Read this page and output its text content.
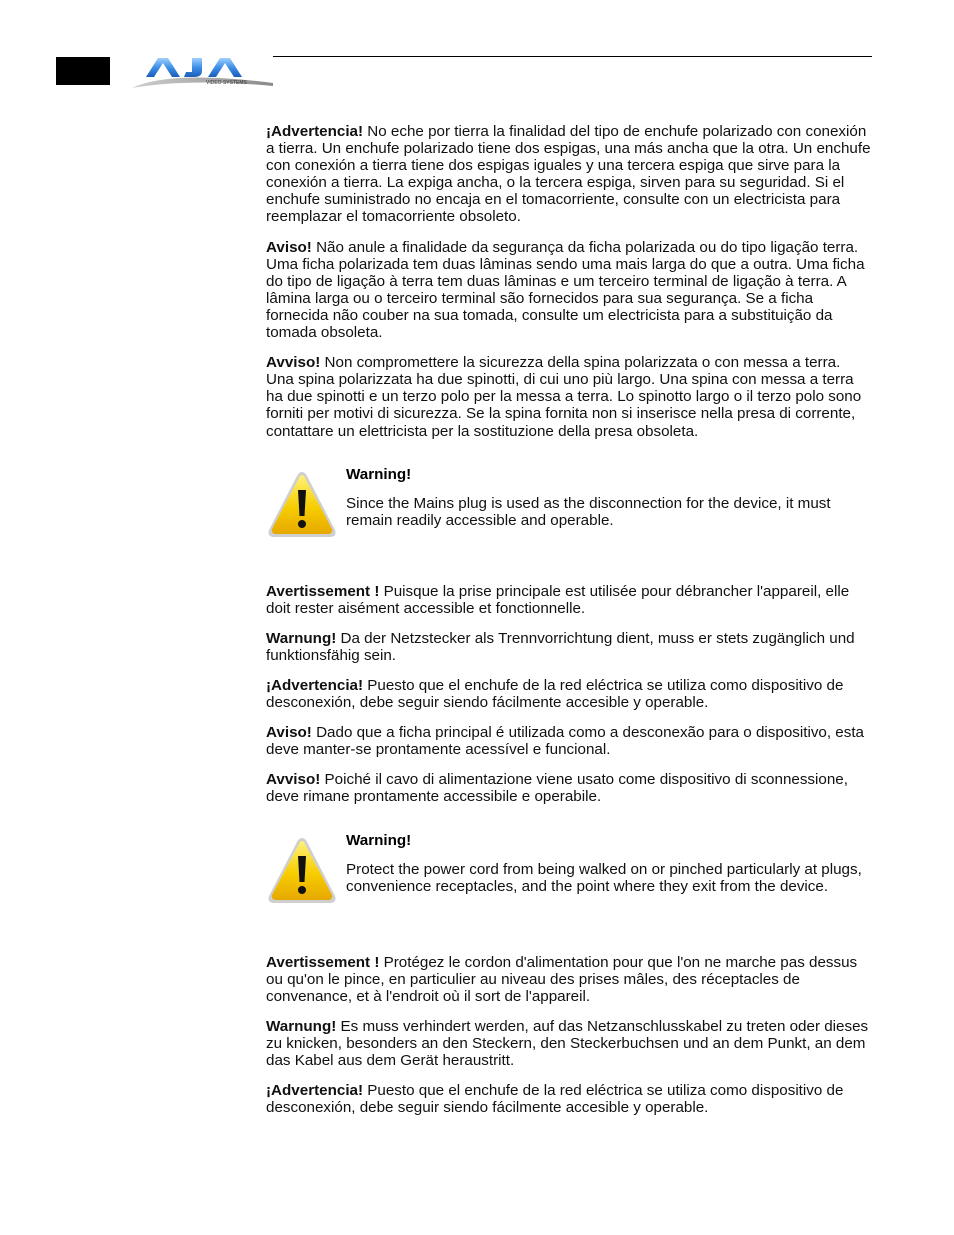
VIDEO SYSTEMS

¡Advertencia! No eche por tierra la finalidad del tipo de enchufe polarizado con conexión a tierra. Un enchufe polarizado tiene dos espigas, una más ancha que la otra. Un enchufe con conexión a tierra tiene dos espigas iguales y una tercera espiga que sirve para la conexión a tierra. La expiga ancha, o la tercera espiga, sirven para su seguridad. Si el enchufe suministrado no encaja en el tomacorriente, consulte con un electricista para reemplazar el tomacorriente obsoleto.

Aviso! Não anule a finalidade da segurança da ficha polarizada ou do tipo ligação terra. Uma ficha polarizada tem duas lâminas sendo uma mais larga do que a outra. Uma ficha do tipo de ligação à terra tem duas lâminas e um terceiro terminal de ligação à terra. A lâmina larga ou o terceiro terminal são fornecidos para sua segurança. Se a ficha fornecida não couber na sua tomada, consulte um electricista para a substituição da tomada obsoleta.

Avviso! Non compromettere la sicurezza della spina polarizzata o con messa a terra. Una spina polarizzata ha due spinotti, di cui uno più largo. Una spina con messa a terra ha due spinotti e un terzo polo per la messa a terra. Lo spinotto largo o il terzo polo sono forniti per motivi di sicurezza. Se la spina fornita non si inserisce nella presa di corrente, contattare un elettricista per la sostituzione della presa obsoleta.

Warning!

Since the Mains plug is used as the disconnection for the device, it must remain readily accessible and operable.

Avertissement ! Puisque la prise principale est utilisée pour débrancher l'appareil, elle doit rester aisément accessible et fonctionnelle.

Warnung! Da der Netzstecker als Trennvorrichtung dient, muss er stets zugänglich und funktionsfähig sein.

¡Advertencia! Puesto que el enchufe de la red eléctrica se utiliza como dispositivo de desconexión, debe seguir siendo fácilmente accesible y operable.

Aviso! Dado que a ficha principal é utilizada como a desconexão para o dispositivo, esta deve manter-se prontamente acessível e funcional.

Avviso! Poiché il cavo di alimentazione viene usato come dispositivo di sconnessione, deve rimane prontamente accessibile e operabile.

Warning!

Protect the power cord from being walked on or pinched particularly at plugs, convenience receptacles, and the point where they exit from the device.

Avertissement ! Protégez le cordon d'alimentation pour que l'on ne marche pas dessus ou qu'on le pince, en particulier au niveau des prises mâles, des réceptacles de convenance, et à l'endroit où il sort de l'appareil.

Warnung! Es muss verhindert werden, auf das Netzanschlusskabel zu treten oder dieses zu knicken, besonders an den Steckern, den Steckerbuchsen und an dem Punkt, an dem das Kabel aus dem Gerät heraustritt.

¡Advertencia! Puesto que el enchufe de la red eléctrica se utiliza como dispositivo de desconexión, debe seguir siendo fácilmente accesible y operable.
